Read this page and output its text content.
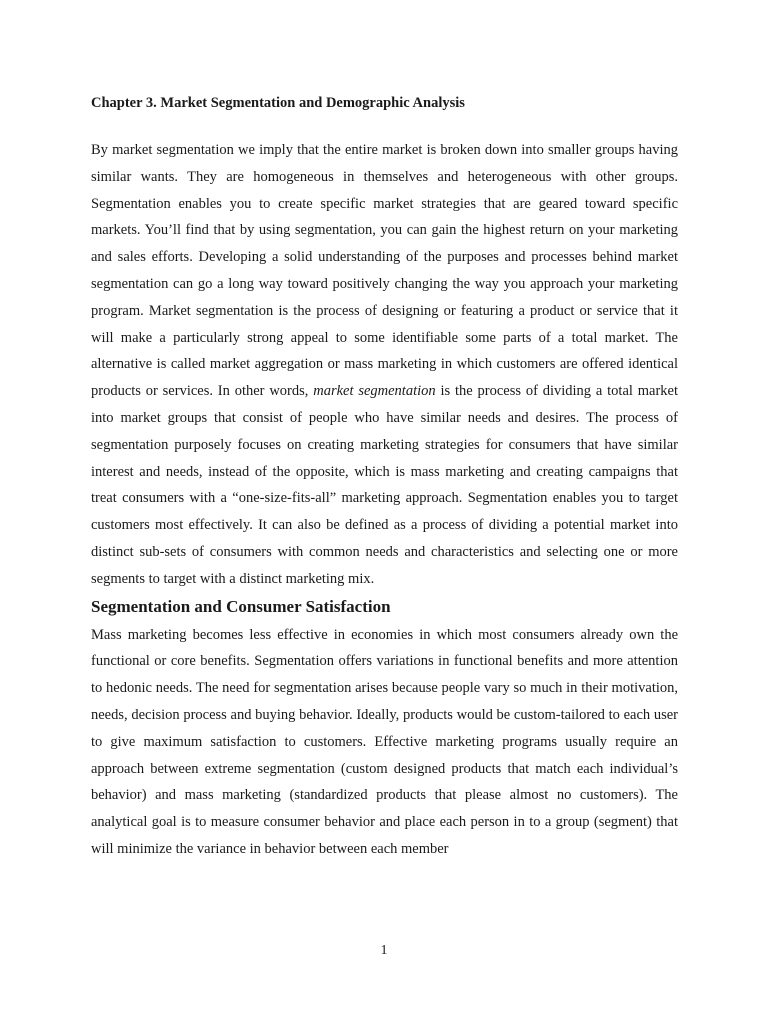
Chapter 3. Market Segmentation and Demographic Analysis

By market segmentation we imply that the entire market is broken down into smaller groups having similar wants. They are homogeneous in themselves and heterogeneous with other groups. Segmentation enables you to create specific market strategies that are geared toward specific markets. You’ll find that by using segmentation, you can gain the highest return on your marketing and sales efforts. Developing a solid understanding of the purposes and processes behind market segmentation can go a long way toward positively changing the way you approach your marketing program. Market segmentation is the process of designing or featuring a product or service that it will make a particularly strong appeal to some identifiable some parts of a total market. The alternative is called market aggregation or mass marketing in which customers are offered identical products or services. In other words, market segmentation is the process of dividing a total market into market groups that consist of people who have similar needs and desires. The process of segmentation purposely focuses on creating marketing strategies for consumers that have similar interest and needs, instead of the opposite, which is mass marketing and creating campaigns that treat consumers with a “one-size-fits-all” marketing approach. Segmentation enables you to target customers most effectively. It can also be defined as a process of dividing a potential market into distinct sub-sets of consumers with common needs and characteristics and selecting one or more segments to target with a distinct marketing mix.

Segmentation and Consumer Satisfaction

Mass marketing becomes less effective in economies in which most consumers already own the functional or core benefits. Segmentation offers variations in functional benefits and more attention to hedonic needs. The need for segmentation arises because people vary so much in their motivation, needs, decision process and buying behavior. Ideally, products would be custom-tailored to each user to give maximum satisfaction to customers. Effective marketing programs usually require an approach between extreme segmentation (custom designed products that match each individual’s behavior) and mass marketing (standardized products that please almost no customers). The analytical goal is to measure consumer behavior and place each person in to a group (segment) that will minimize the variance in behavior between each member

1
